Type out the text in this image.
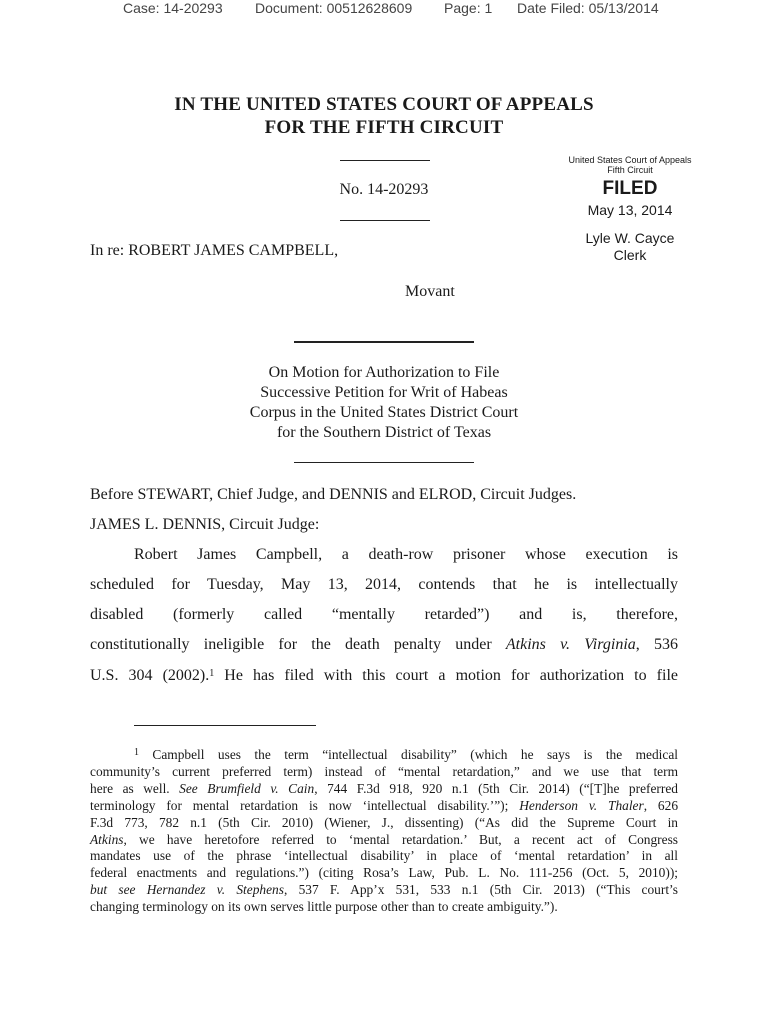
Case: 14-20293 Document: 00512628609 Page: 1 Date Filed: 05/13/2014
IN THE UNITED STATES COURT OF APPEALS
FOR THE FIFTH CIRCUIT
No. 14-20293
United States Court of Appeals
Fifth Circuit
FILED
May 13, 2014
Lyle W. Cayce
Clerk
In re: ROBERT JAMES CAMPBELL,
Movant
On Motion for Authorization to File
Successive Petition for Writ of Habeas
Corpus in the United States District Court
for the Southern District of Texas
Before STEWART, Chief Judge, and DENNIS and ELROD, Circuit Judges.
JAMES L. DENNIS, Circuit Judge:
Robert James Campbell, a death-row prisoner whose execution is
scheduled for Tuesday, May 13, 2014, contends that he is intellectually
disabled (formerly called “mentally retarded”) and is, therefore,
constitutionally ineligible for the death penalty under Atkins v. Virginia, 536
U.S. 304 (2002).$^1$ He has filed with this court a motion for authorization to file
$^1$ Campbell uses the term “intellectual disability” (which he says is the medical
community’s current preferred term) instead of “mental retardation,” and we use that term
here as well. See Brumfield v. Cain, 744 F.3d 918, 920 n.1 (5th Cir. 2014) (“[T]he preferred
terminology for mental retardation is now ‘intellectual disability.’”); Henderson v. Thaler, 626
F.3d 773, 782 n.1 (5th Cir. 2010) (Wiener, J., dissenting) (“As did the Supreme Court in
Atkins, we have heretofore referred to ‘mental retardation.’ But, a recent act of Congress
mandates use of the phrase ‘intellectual disability’ in place of ‘mental retardation’ in all
federal enactments and regulations.”) (citing Rosa’s Law, Pub. L. No. 111-256 (Oct. 5, 2010));
but see Hernandez v. Stephens, 537 F. App’x 531, 533 n.1 (5th Cir. 2013) (“This court’s
changing terminology on its own serves little purpose other than to create ambiguity.”).
